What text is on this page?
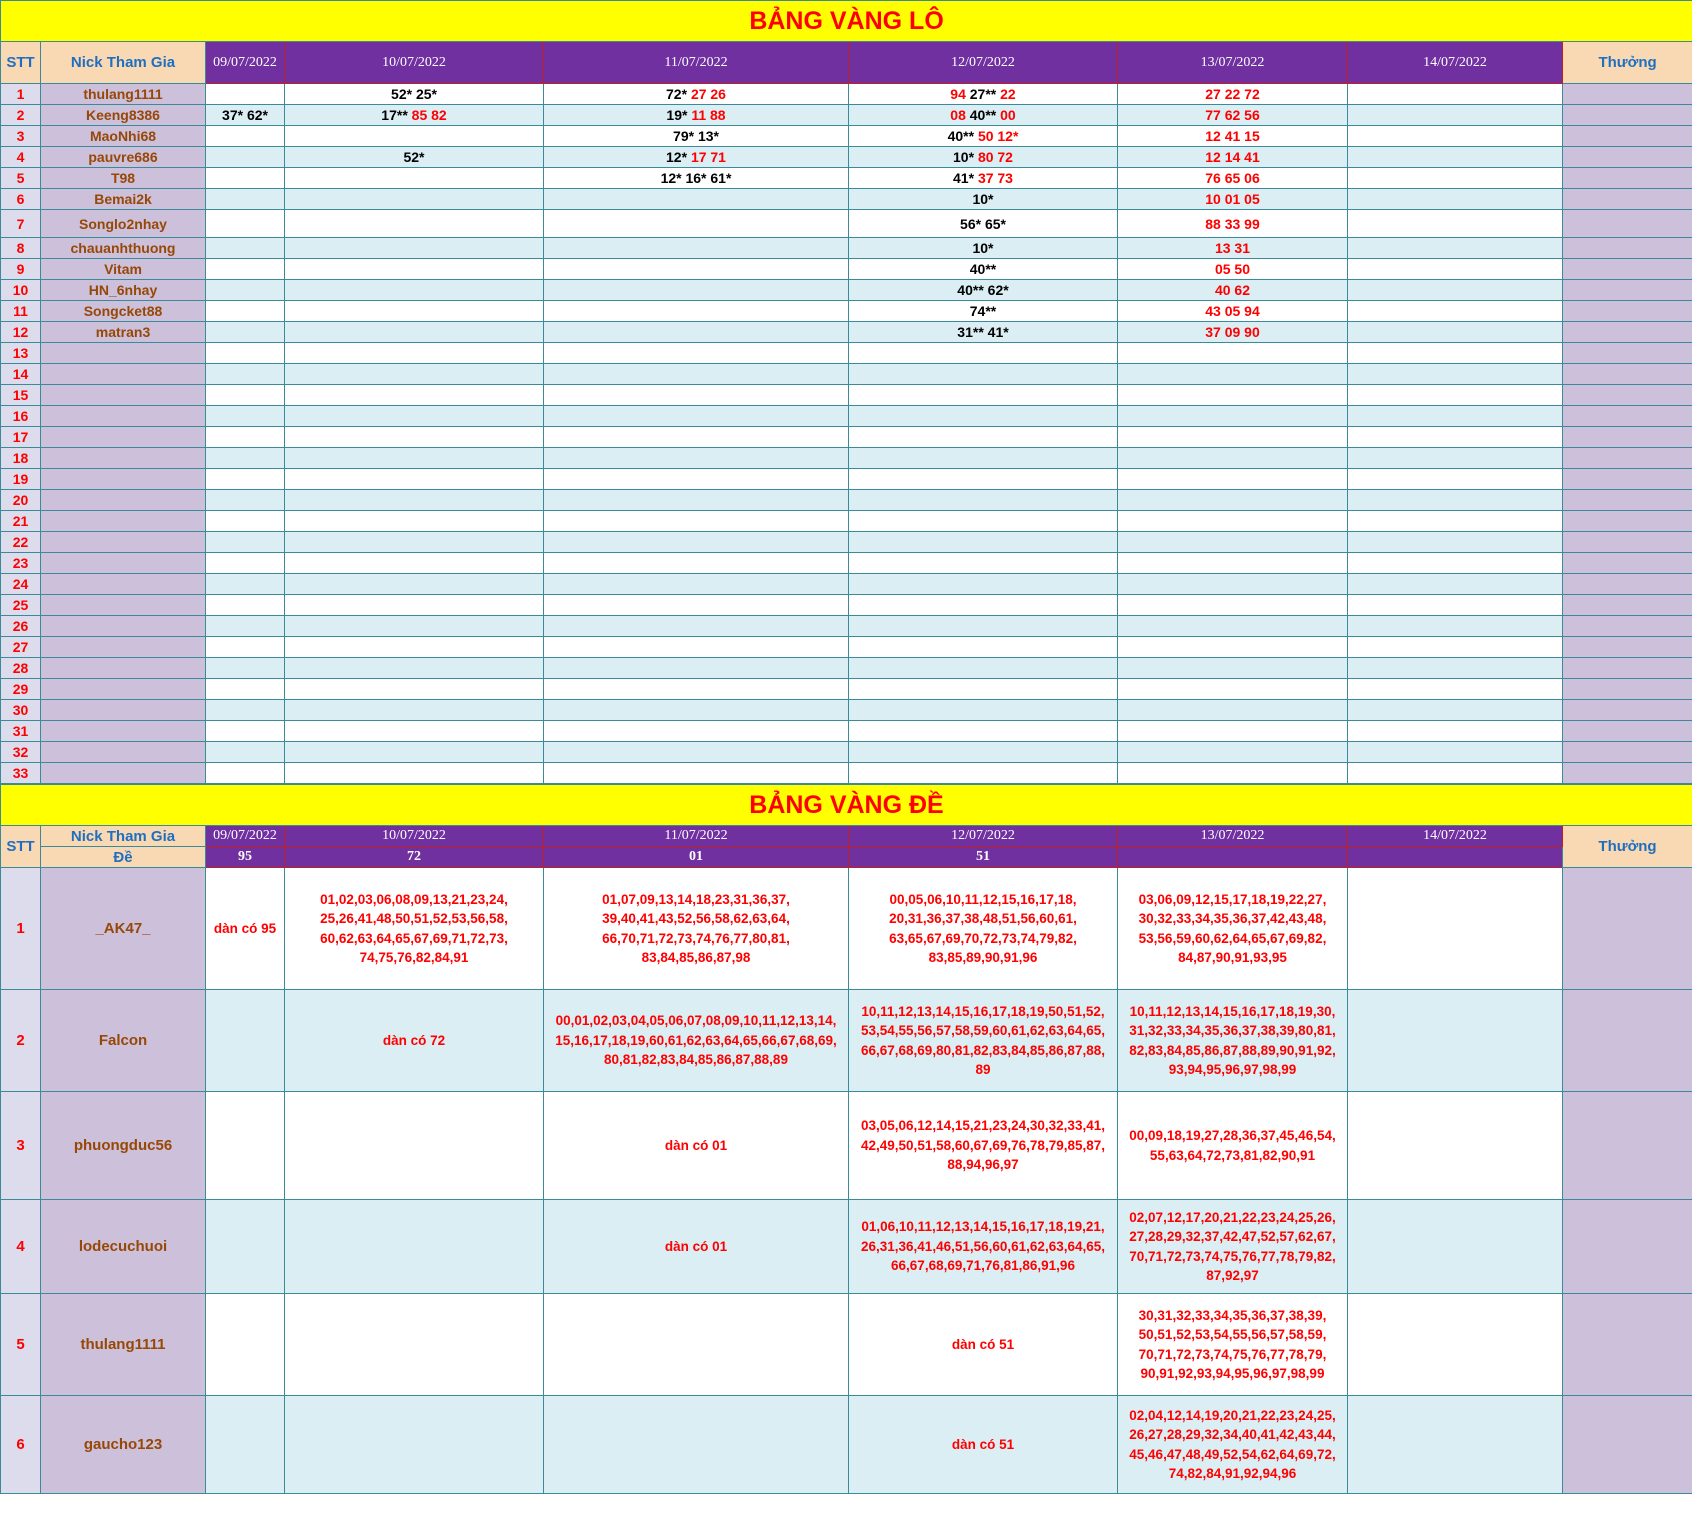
BẢNG VÀNG LÔ								
STT	Nick Tham Gia	09/07/2022	10/07/2022	11/07/2022	12/07/2022	13/07/2022	14/07/2022	Thưởng
1	thulang1111		52* 25*	72* 27 26	94 27** 22	27 22 72		
2	Keeng8386	37* 62*	17** 85 82	19* 11 88	08 40** 00	77 62 56		
3	MaoNhi68			79* 13*	40** 50 12*	12 41 15		
4	pauvre686		52*	12* 17 71	10* 80 72	12 14 41		
5	T98			12* 16* 61*	41* 37 73	76 65 06		
6	Bemai2k				10*	10 01 05		
7	Songlo2nhay				56* 65*	88 33 99		
8	chauanhthuong				10*	13 31		
9	Vitam				40**	05 50		
10	HN_6nhay				40** 62*	40 62		
11	Songcket88				74**	43 05 94		
12	matran3				31** 41*	37 09 90		
13								
14								
15								
16								
17								
18								
19								
20								
21								
22								
23								
24								
25								
26								
27								
28								
29								
30								
31								
32								
33								
BẢNG VÀNG ĐỀ								
STT	Nick Tham Gia	09/07/2022	10/07/2022	11/07/2022	12/07/2022	13/07/2022	14/07/2022	Thưởng
	Đề	95	72	01	51			
1	_AK47_	dàn có 95	01,02,03,06,08,09,13,21,23,24,
25,26,41,48,50,51,52,53,56,58,
60,62,63,64,65,67,69,71,72,73,
74,75,76,82,84,91	01,07,09,13,14,18,23,31,36,37,
39,40,41,43,52,56,58,62,63,64,
66,70,71,72,73,74,76,77,80,81,
83,84,85,86,87,98	00,05,06,10,11,12,15,16,17,18,
20,31,36,37,38,48,51,56,60,61,
63,65,67,69,70,72,73,74,79,82,
83,85,89,90,91,96	03,06,09,12,15,17,18,19,22,27,
30,32,33,34,35,36,37,42,43,48,
53,56,59,60,62,64,65,67,69,82,
84,87,90,91,93,95		
2	Falcon		dàn có 72	00,01,02,03,04,05,06,07,08,09,10,11,12,13,14,
15,16,17,18,19,60,61,62,63,64,65,66,67,68,69,
80,81,82,83,84,85,86,87,88,89	10,11,12,13,14,15,16,17,18,19,50,51,52,
53,54,55,56,57,58,59,60,61,62,63,64,65,
66,67,68,69,80,81,82,83,84,85,86,87,88,
89	10,11,12,13,14,15,16,17,18,19,30,
31,32,33,34,35,36,37,38,39,80,81,
82,83,84,85,86,87,88,89,90,91,92,
93,94,95,96,97,98,99		
3	phuongduc56			dàn có 01	03,05,06,12,14,15,21,23,24,30,32,33,41,
42,49,50,51,58,60,67,69,76,78,79,85,87,
88,94,96,97	00,09,18,19,27,28,36,37,45,46,54,
55,63,64,72,73,81,82,90,91		
4	lodecuchuoi			dàn có 01	01,06,10,11,12,13,14,15,16,17,18,19,21,
26,31,36,41,46,51,56,60,61,62,63,64,65,
66,67,68,69,71,76,81,86,91,96	02,07,12,17,20,21,22,23,24,25,26,
27,28,29,32,37,42,47,52,57,62,67,
70,71,72,73,74,75,76,77,78,79,82,
87,92,97		
5	thulang1111				dàn có 51	30,31,32,33,34,35,36,37,38,39,
50,51,52,53,54,55,56,57,58,59,
70,71,72,73,74,75,76,77,78,79,
90,91,92,93,94,95,96,97,98,99		
6	gaucho123				dàn có 51	02,04,12,14,19,20,21,22,23,24,25,
26,27,28,29,32,34,40,41,42,43,44,
45,46,47,48,49,52,54,62,64,69,72,
74,82,84,91,92,94,96		
